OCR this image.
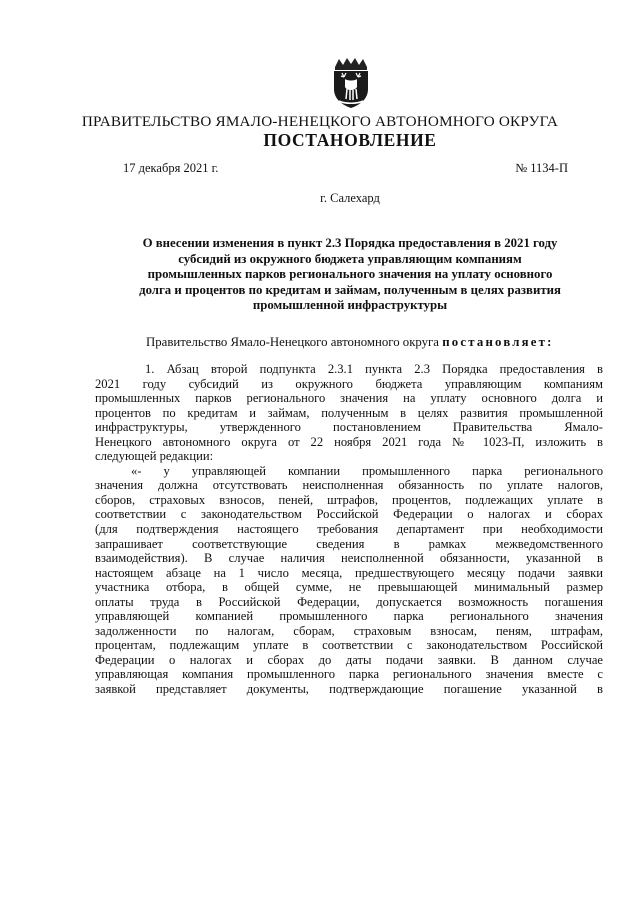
ПРАВИТЕЛЬСТВО ЯМАЛО-НЕНЕЦКОГО АВТОНОМНОГО ОКРУГА
ПОСТАНОВЛЕНИЕ
17 декабря 2021 г.	№ 1134-П
г. Салехард
О внесении изменения в пункт 2.3 Порядка предоставления в 2021 году
субсидий из окружного бюджета управляющим компаниям
промышленных парков регионального значения на уплату основного
долга и процентов по кредитам и займам, полученным в целях развития
промышленной инфраструктуры
Правительство Ямало-Ненецкого автономного округа постановляет:
1. Абзац второй подпункта 2.3.1 пункта 2.3 Порядка предоставления в
2021 году субсидий из окружного бюджета управляющим компаниям
промышленных парков регионального значения на уплату основного долга и
процентов по кредитам и займам, полученным в целях развития промышленной
инфраструктуры, утвержденного постановлением Правительства Ямало-
Ненецкого автономного округа от 22 ноября 2021 года № 1023-П, изложить в
следующей редакции:
«- у управляющей компании промышленного парка регионального
значения должна отсутствовать неисполненная обязанность по уплате налогов,
сборов, страховых взносов, пеней, штрафов, процентов, подлежащих уплате в
соответствии с законодательством Российской Федерации о налогах и сборах
(для подтверждения настоящего требования департамент при необходимости
запрашивает соответствующие сведения в рамках межведомственного
взаимодействия). В случае наличия неисполненной обязанности, указанной в
настоящем абзаце на 1 число месяца, предшествующего месяцу подачи заявки
участника отбора, в общей сумме, не превышающей минимальный размер
оплаты труда в Российской Федерации, допускается возможность погашения
управляющей компанией промышленного парка регионального значения
задолженности по налогам, сборам, страховым взносам, пеням, штрафам,
процентам, подлежащим уплате в соответствии с законодательством Российской
Федерации о налогах и сборах до даты подачи заявки. В данном случае
управляющая компания промышленного парка регионального значения вместе с
заявкой представляет документы, подтверждающие погашение указанной в
